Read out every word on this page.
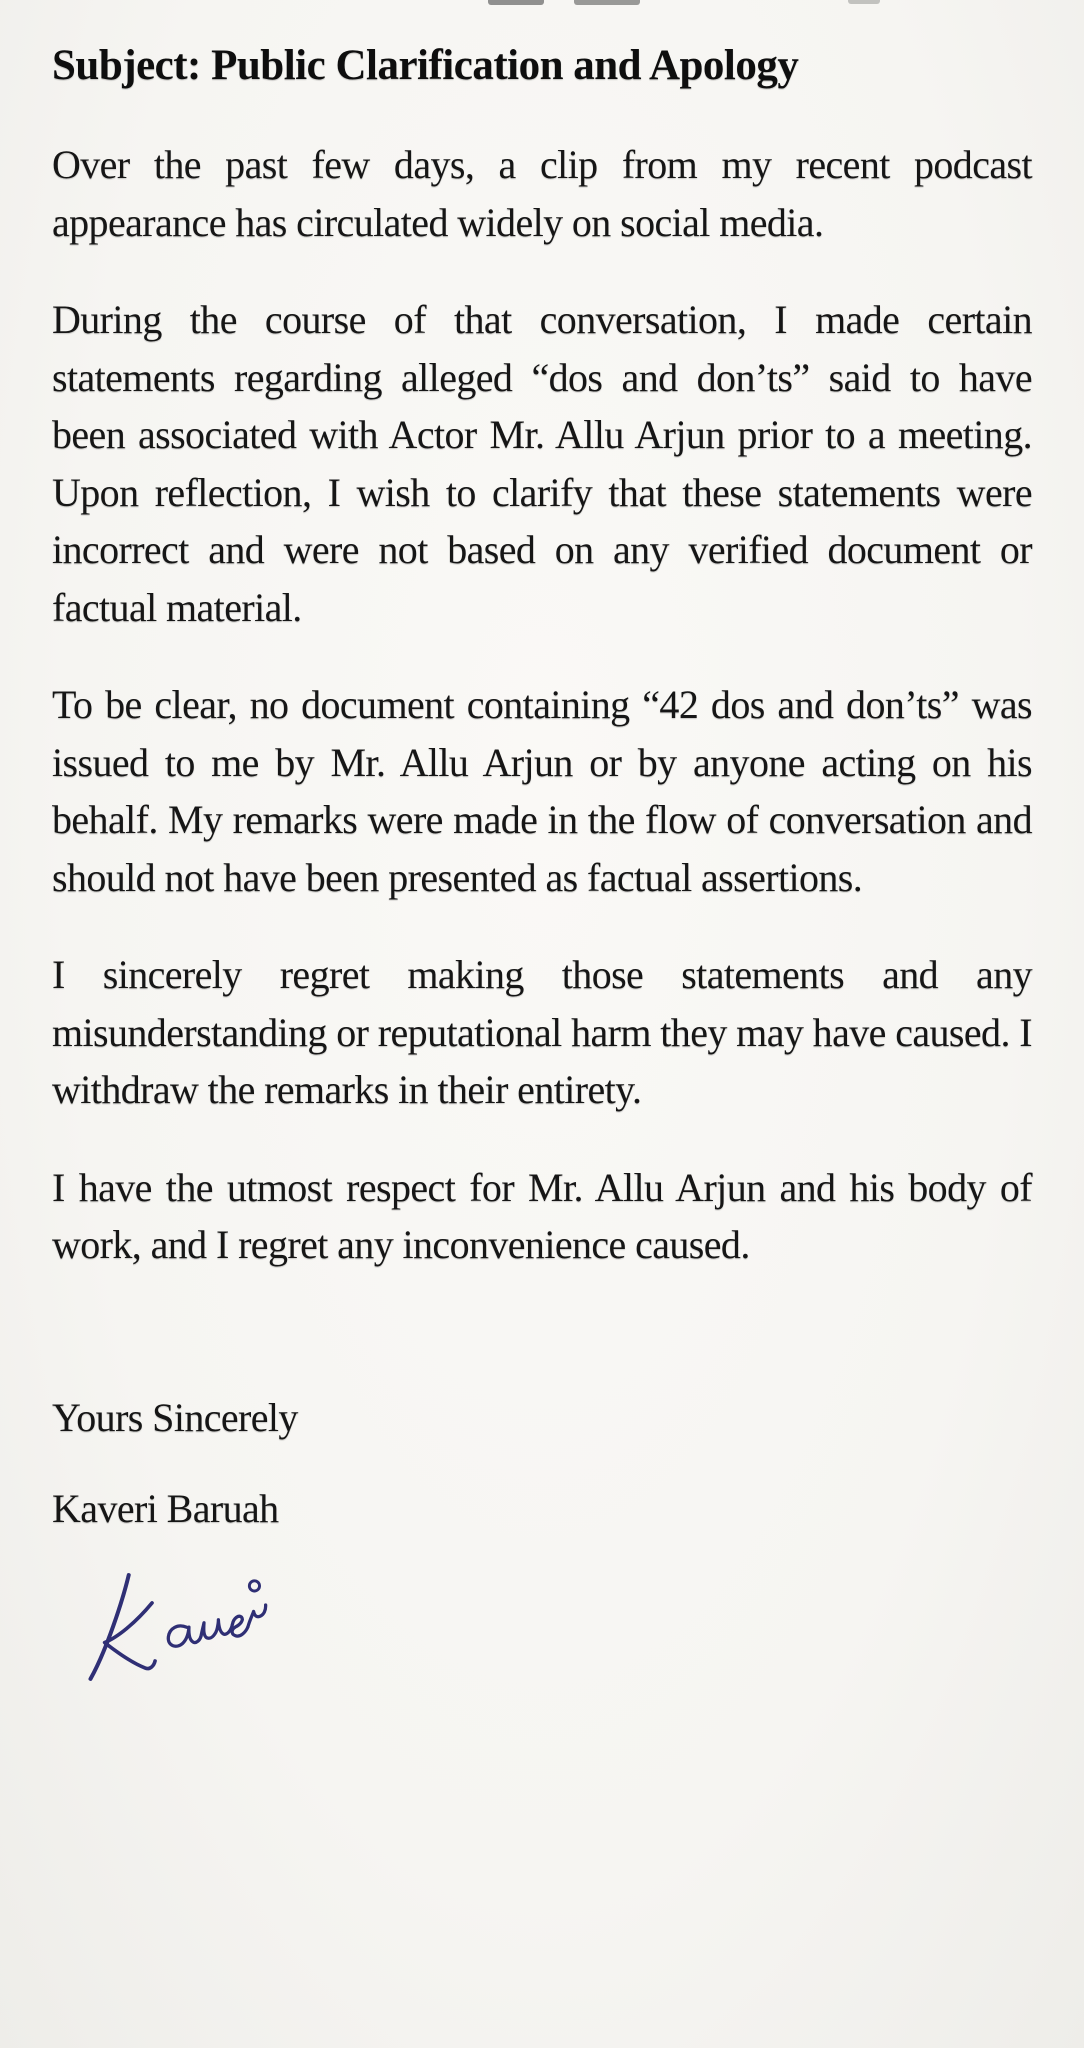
Subject: Public Clarification and Apology

Over the past few days, a clip from my recent podcast appearance has circulated widely on social media.

During the course of that conversation, I made certain statements regarding alleged “dos and don’ts” said to have been associated with Actor Mr. Allu Arjun prior to a meeting. Upon reflection, I wish to clarify that these statements were incorrect and were not based on any verified document or factual material.

To be clear, no document containing “42 dos and don’ts” was issued to me by Mr. Allu Arjun or by anyone acting on his behalf. My remarks were made in the flow of conversation and should not have been presented as factual assertions.

I sincerely regret making those statements and any misunderstanding or reputational harm they may have caused. I withdraw the remarks in their entirety.

I have the utmost respect for Mr. Allu Arjun and his body of work, and I regret any inconvenience caused.

Yours Sincerely

Kaveri Baruah
